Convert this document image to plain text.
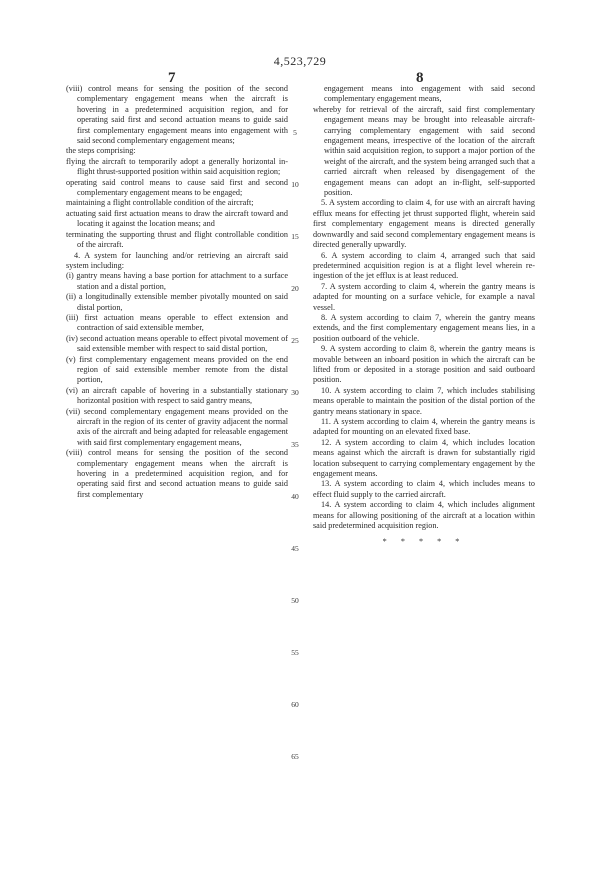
4,523,729
7	8

(viii) control means for sensing the position of the second complementary engagement means when the aircraft is hovering in a predetermined acquisition region, and for operating said first and second actuation means to guide said first complementary engagement means into engagement with said second complementary engagement means;

the steps comprising:

flying the aircraft to temporarily adopt a generally horizontal in-flight thrust-supported position within said acquisition region;

operating said control means to cause said first and second complementary engagement means to be engaged;

maintaining a flight controllable condition of the aircraft;

actuating said first actuation means to draw the aircraft toward and locating it against the location means; and

terminating the supporting thrust and flight controllable condition of the aircraft.

4. A system for launching and/or retrieving an aircraft said system including:

(i) gantry means having a base portion for attachment to a surface station and a distal portion,

(ii) a longitudinally extensible member pivotally mounted on said distal portion,

(iii) first actuation means operable to effect extension and contraction of said extensible member,

(iv) second actuation means operable to effect pivotal movement of said extensible member with respect to said distal portion,

(v) first complementary engagement means provided on the end region of said extensible member remote from the distal portion,

(vi) an aircraft capable of hovering in a substantially stationary horizontal position with respect to said gantry means,

(vii) second complementary engagement means provided on the aircraft in the region of its center of gravity adjacent the normal axis of the aircraft and being adapted for releasable engagement with said first complementary engagement means,

(viii) control means for sensing the position of the second complementary engagement means when the aircraft is hovering in a predetermined acquisition region, and for operating said first and second actuation means to guide said first complementary

engagement means into engagement with said second complementary engagement means,

whereby for retrieval of the aircraft, said first complementary engagement means may be brought into releasable aircraft-carrying complementary engagement with said second engagement means, irrespective of the location of the aircraft within said acquisition region, to support a major portion of the weight of the aircraft, and the system being arranged such that a carried aircraft when released by disengagement of the engagement means can adopt an in-flight, self-supported position.

5. A system according to claim 4, for use with an aircraft having efflux means for effecting jet thrust supported flight, wherein said first complementary engagement means is directed generally downwardly and said second complementary engagement means is directed generally upwardly.

6. A system according to claim 4, arranged such that said predetermined acquisition region is at a flight level wherein re-ingestion of the jet efflux is at least reduced.

7. A system according to claim 4, wherein the gantry means is adapted for mounting on a surface vehicle, for example a naval vessel.

8. A system according to claim 7, wherein the gantry means extends, and the first complementary engagement means lies, in a position outboard of the vehicle.

9. A system according to claim 8, wherein the gantry means is movable between an inboard position in which the aircraft can be lifted from or deposited in a storage position and said outboard position.

10. A system according to claim 7, which includes stabilising means operable to maintain the position of the distal portion of the gantry means stationary in space.

11. A system according to claim 4, wherein the gantry means is adapted for mounting on an elevated fixed base.

12. A system according to claim 4, which includes location means against which the aircraft is drawn for substantially rigid location subsequent to carrying complementary engagement by the engagement means.

13. A system according to claim 4, which includes means to effect fluid supply to the carried aircraft.

14. A system according to claim 4, which includes alignment means for allowing positioning of the aircraft at a location within said predetermined acquisition region.

* * * * *

5
10
15
20
25
30
35
40
45
50
55
60
65
